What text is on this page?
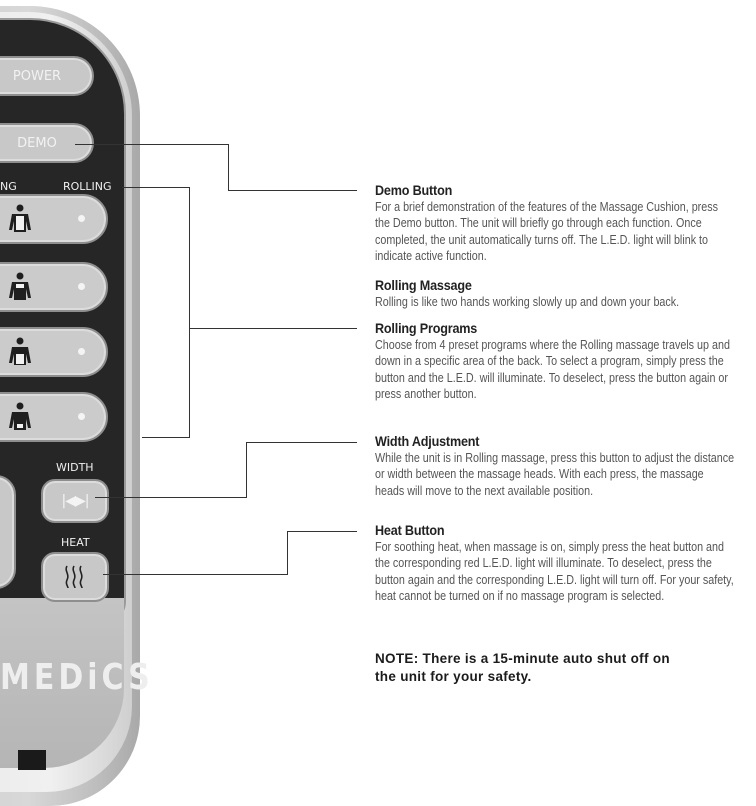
POWER
DEMO
NG	ROLLING
WIDTH
|◀▶|
HEAT
MEDiCS
Demo Button

For a brief demonstration of the features of the Massage Cushion, press the Demo button. The unit will briefly go through each function. Once completed, the unit automatically turns off. The L.E.D. light will blink to indicate active function.

Rolling Massage

Rolling is like two hands working slowly up and down your back.

Rolling Programs

Choose from 4 preset programs where the Rolling massage travels up and down in a specific area of the back. To select a program, simply press the button and the L.E.D. will illuminate. To deselect, press the button again or press another button.

Width Adjustment

While the unit is in Rolling massage, press this button to adjust the distance or width between the massage heads. With each press, the massage heads will move to the next available position.

Heat Button

For soothing heat, when massage is on, simply press the heat button and the corresponding red L.E.D. light will illuminate. To deselect, press the button again and the corresponding L.E.D. light will turn off. For your safety, heat cannot be turned on if no massage program is selected.

NOTE: There is a 15-minute auto shut off on
the unit for your safety.
